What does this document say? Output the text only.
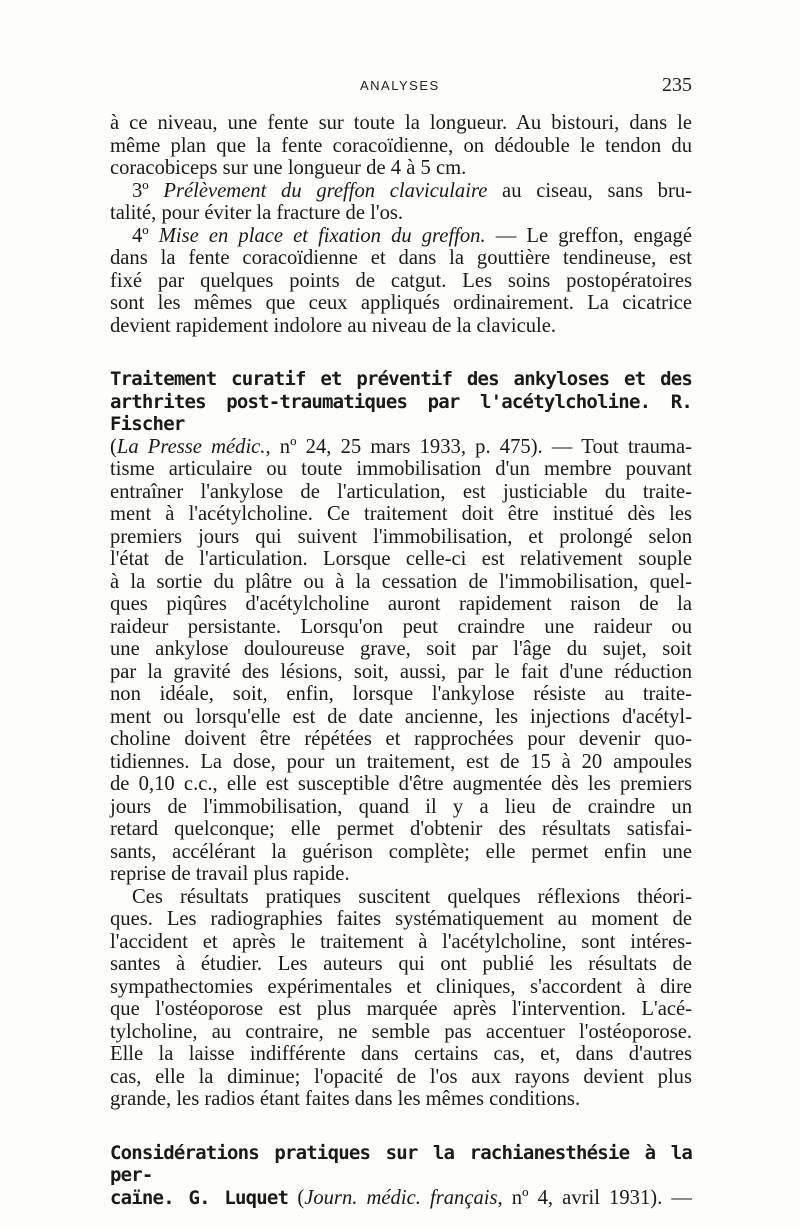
ANALYSES	235
à ce niveau, une fente sur toute la longueur. Au bistouri, dans le
même plan que la fente coracoïdienne, on dédouble le tendon du
coracobiceps sur une longueur de 4 à 5 cm.
3º Prélèvement du greffon claviculaire au ciseau, sans bru-
talité, pour éviter la fracture de l'os.
4º Mise en place et fixation du greffon. — Le greffon, engagé
dans la fente coracoïdienne et dans la gouttière tendineuse, est
fixé par quelques points de catgut. Les soins postopératoires
sont les mêmes que ceux appliqués ordinairement. La cicatrice
devient rapidement indolore au niveau de la clavicule.
Traitement curatif et préventif des ankyloses et des
arthrites post-traumatiques par l'acétylcholine. R. Fischer
(La Presse médic., nº 24, 25 mars 1933, p. 475). — Tout trauma-
tisme articulaire ou toute immobilisation d'un membre pouvant
entraîner l'ankylose de l'articulation, est justiciable du traite-
ment à l'acétylcholine. Ce traitement doit être institué dès les
premiers jours qui suivent l'immobilisation, et prolongé selon
l'état de l'articulation. Lorsque celle-ci est relativement souple
à la sortie du plâtre ou à la cessation de l'immobilisation, quel-
ques piqûres d'acétylcholine auront rapidement raison de la
raideur persistante. Lorsqu'on peut craindre une raideur ou
une ankylose douloureuse grave, soit par l'âge du sujet, soit
par la gravité des lésions, soit, aussi, par le fait d'une réduction
non idéale, soit, enfin, lorsque l'ankylose résiste au traite-
ment ou lorsqu'elle est de date ancienne, les injections d'acétyl-
choline doivent être répétées et rapprochées pour devenir quo-
tidiennes. La dose, pour un traitement, est de 15 à 20 ampoules
de 0,10 c.c., elle est susceptible d'être augmentée dès les premiers
jours de l'immobilisation, quand il y a lieu de craindre un
retard quelconque; elle permet d'obtenir des résultats satisfai-
sants, accélérant la guérison complète; elle permet enfin une
reprise de travail plus rapide.
Ces résultats pratiques suscitent quelques réflexions théori-
ques. Les radiographies faites systématiquement au moment de
l'accident et après le traitement à l'acétylcholine, sont intéres-
santes à étudier. Les auteurs qui ont publié les résultats de
sympathectomies expérimentales et cliniques, s'accordent à dire
que l'ostéoporose est plus marquée après l'intervention. L'acé-
tylcholine, au contraire, ne semble pas accentuer l'ostéoporose.
Elle la laisse indifférente dans certains cas, et, dans d'autres
cas, elle la diminue; l'opacité de l'os aux rayons devient plus
grande, les radios étant faites dans les mêmes conditions.
Considérations pratiques sur la rachianesthésie à la per-
caïne. G. Luquet (Journ. médic. français, nº 4, avril 1931). —
